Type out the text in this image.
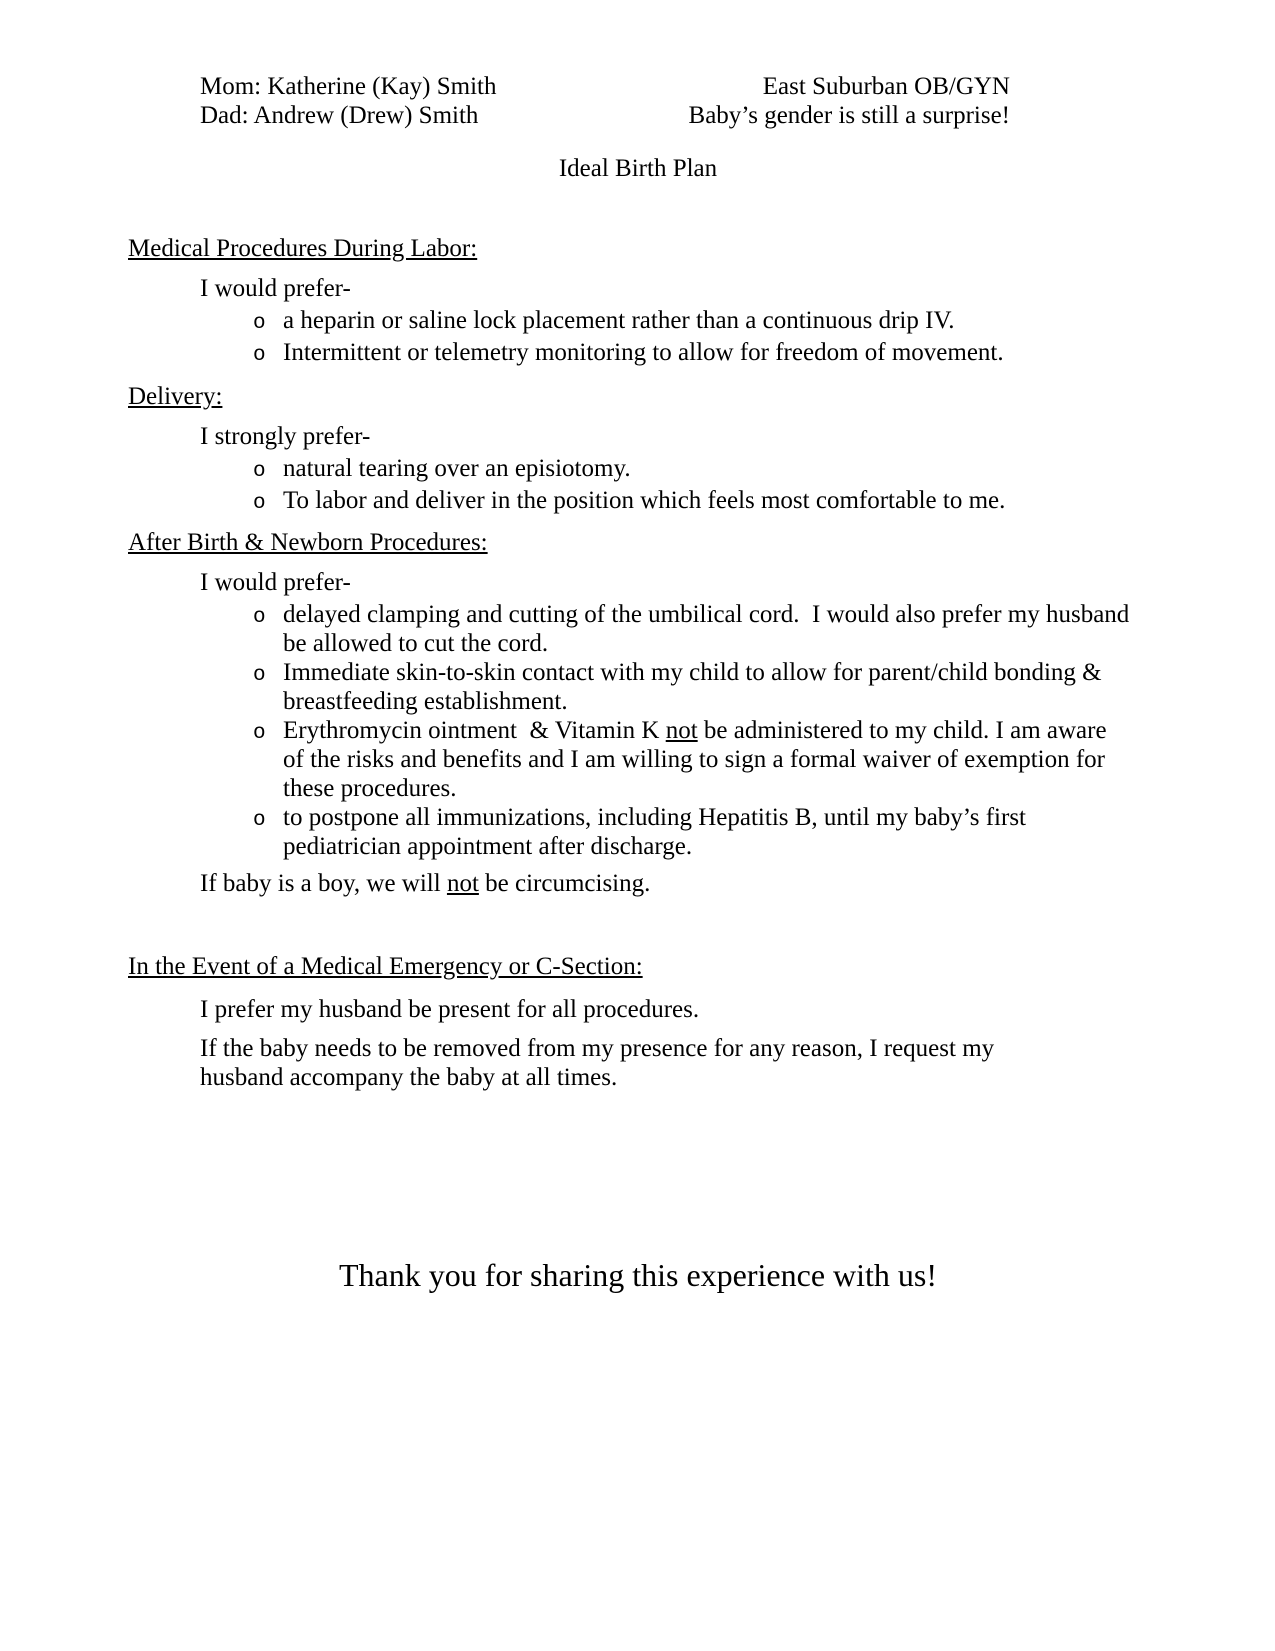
Mom: Katherine (Kay) Smith
Dad: Andrew (Drew) Smith
East Suburban OB/GYN
Baby’s gender is still a surprise!
Ideal Birth Plan
Medical Procedures During Labor:

I would prefer-

o a heparin or saline lock placement rather than a continuous drip IV.
o Intermittent or telemetry monitoring to allow for freedom of movement.
Delivery:

I strongly prefer-

o natural tearing over an episiotomy.
o To labor and deliver in the position which feels most comfortable to me.
After Birth & Newborn Procedures:

I would prefer-

o delayed clamping and cutting of the umbilical cord.  I would also prefer my husband be allowed to cut the cord.
o Immediate skin-to-skin contact with my child to allow for parent/child bonding & breastfeeding establishment.
o Erythromycin ointment  & Vitamin K not be administered to my child. I am aware of the risks and benefits and I am willing to sign a formal waiver of exemption for these procedures.
o to postpone all immunizations, including Hepatitis B, until my baby’s first pediatrician appointment after discharge.

If baby is a boy, we will not be circumcising.

In the Event of a Medical Emergency or C-Section:

I prefer my husband be present for all procedures.

If the baby needs to be removed from my presence for any reason, I request my husband accompany the baby at all times.

Thank you for sharing this experience with us!
